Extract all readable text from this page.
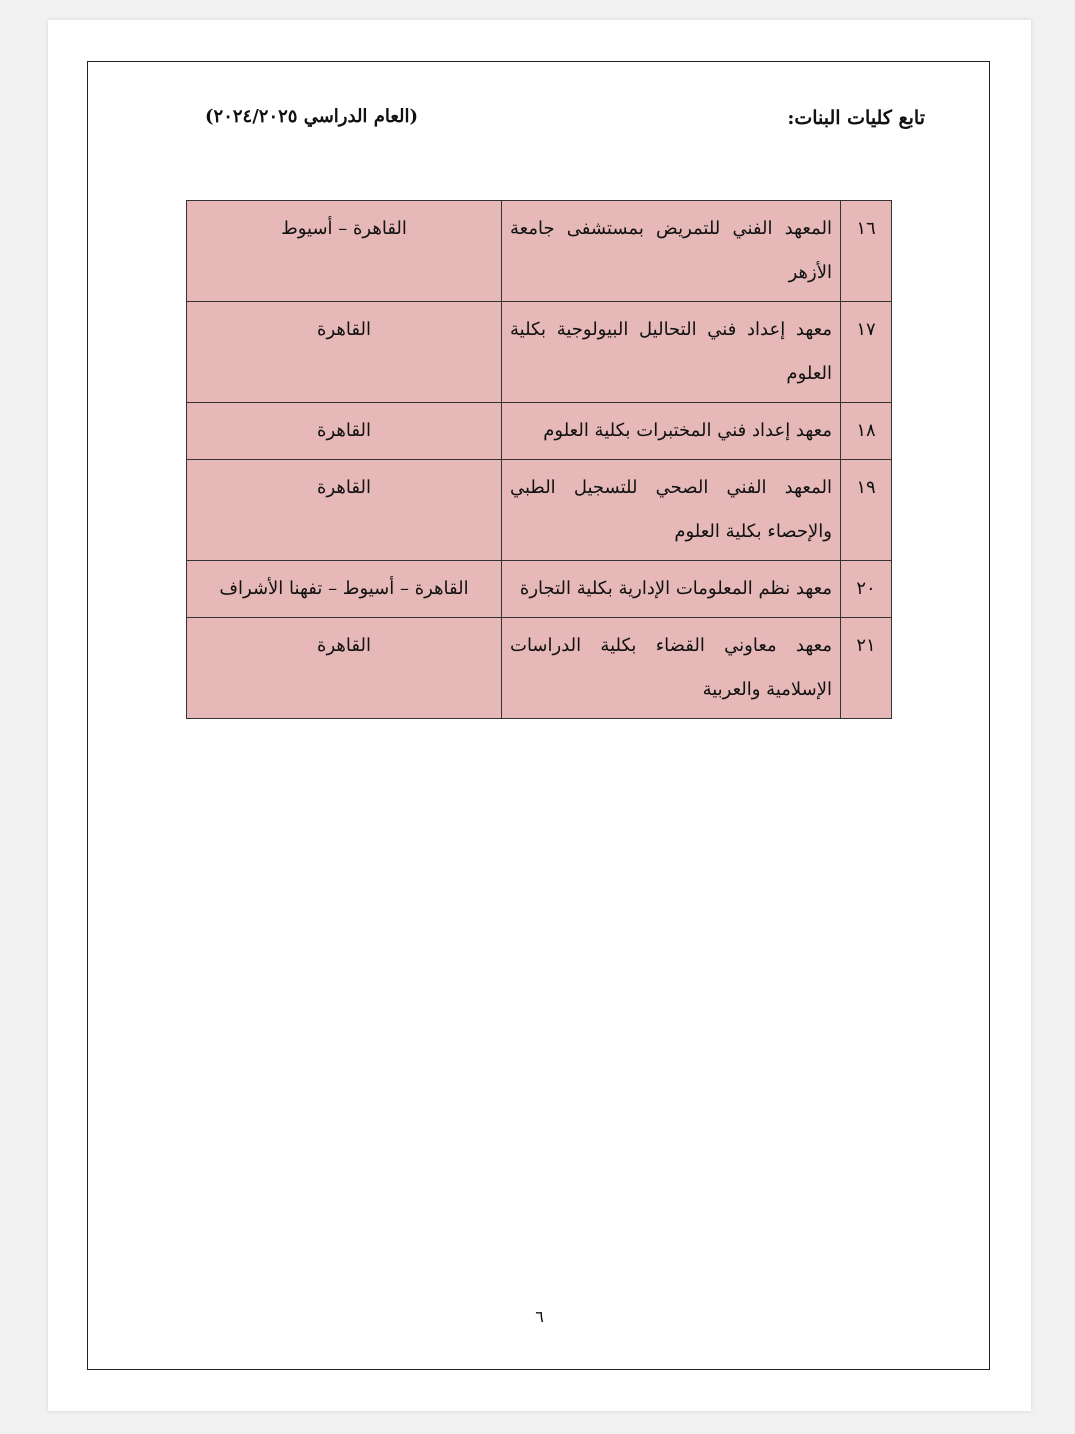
تابع كليات البنات:
(العام الدراسي ٢٠٢٤/٢٠٢٥)
١٦	المعهد الفني للتمريض بمستشفى جامعة الأزهر	القاهرة – أسيوط
١٧	معهد إعداد فني التحاليل البيولوجية بكلية العلوم	القاهرة
١٨	معهد إعداد فني المختبرات بكلية العلوم	القاهرة
١٩	المعهد الفني الصحي للتسجيل الطبي والإحصاء بكلية العلوم	القاهرة
٢٠	معهد نظم المعلومات الإدارية بكلية التجارة	القاهرة – أسيوط – تفهنا الأشراف
٢١	معهد معاوني القضاء بكلية الدراسات الإسلامية والعربية	القاهرة
٦
